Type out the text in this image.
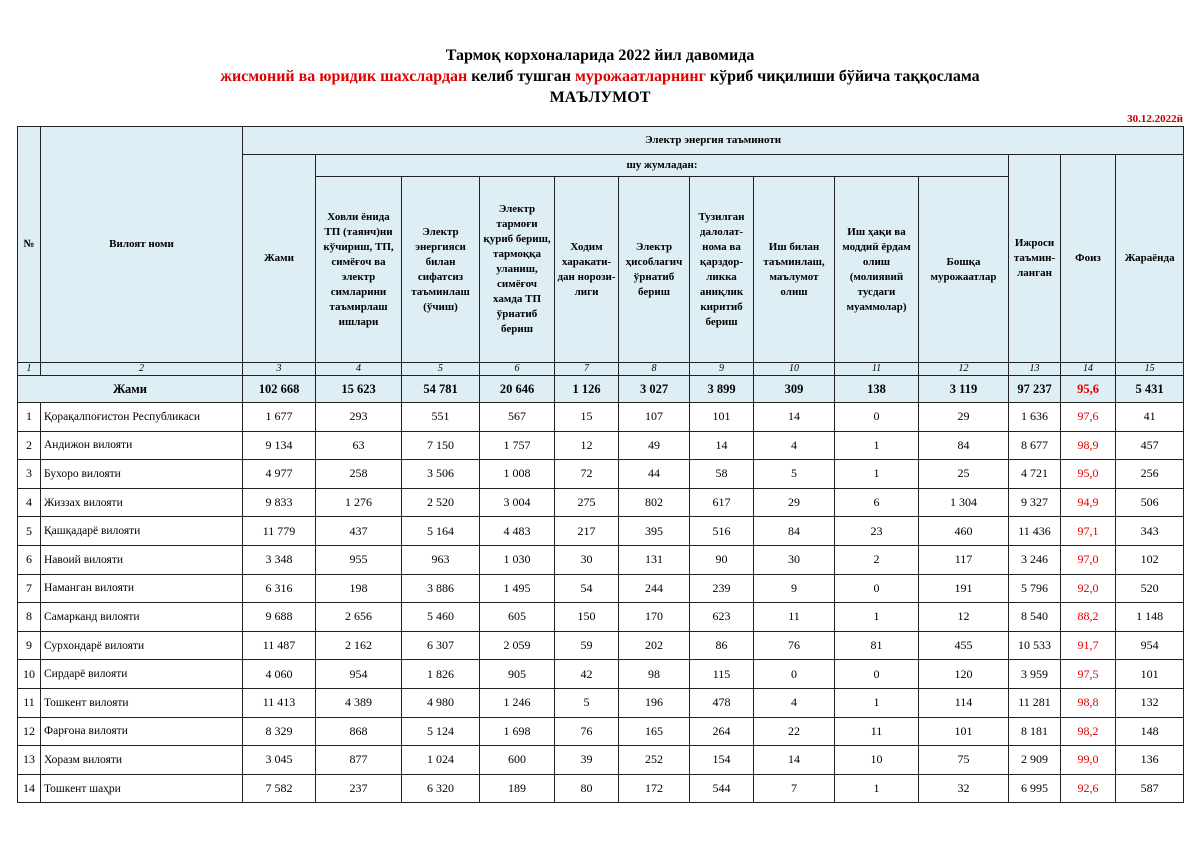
Тармоқ корхоналарида 2022 йил давомида
жисмоний ва юридик шахслардан келиб тушган мурожаатларнинг кўриб чиқилиши бўйича таққослама
МАЪЛУМОТ
30.12.2022й
№	Вилоят номи	Электр энергия таъминоти												
		Жами	шу жумладан:									Ижроси таъмин-ланган	Фоиз	Жараёнда
			Ховли ёнида ТП (таянч)ни кўчириш, ТП, симёғоч ва электр симларини таъмирлаш ишлари	Электр энергияси билан сифатсиз таъминлаш (ўчиш)	Электр тармоғи қуриб бериш, тармоққа уланиш, симёғоч хамда ТП ўрнатиб бериш	Ходим харакати-дан норози-лиги	Электр ҳисоблагич ўрнатиб бериш	Тузилган далолат-нома ва қарздор-ликка аниқлик киритиб бериш	Иш билан таъминлаш, маълумот олиш	Иш ҳақи ва моддий ёрдам олиш (молиявий тусдаги муаммолар)	Бошқа мурожаатлар			
1	2	3	4	5	6	7	8	9	10	11	12	13	14	15
Жами		102 668	15 623	54 781	20 646	1 126	3 027	3 899	309	138	3 119	97 237	95,6	5 431
1	Қорақалпоғистон Республикаси	1 677	293	551	567	15	107	101	14	0	29	1 636	97,6	41
2	Андижон вилояти	9 134	63	7 150	1 757	12	49	14	4	1	84	8 677	98,9	457
3	Бухоро вилояти	4 977	258	3 506	1 008	72	44	58	5	1	25	4 721	95,0	256
4	Жиззах вилояти	9 833	1 276	2 520	3 004	275	802	617	29	6	1 304	9 327	94,9	506
5	Қашқадарё вилояти	11 779	437	5 164	4 483	217	395	516	84	23	460	11 436	97,1	343
6	Навоий вилояти	3 348	955	963	1 030	30	131	90	30	2	117	3 246	97,0	102
7	Наманган вилояти	6 316	198	3 886	1 495	54	244	239	9	0	191	5 796	92,0	520
8	Самарканд вилояти	9 688	2 656	5 460	605	150	170	623	11	1	12	8 540	88,2	1 148
9	Сурхондарё вилояти	11 487	2 162	6 307	2 059	59	202	86	76	81	455	10 533	91,7	954
10	Сирдарё вилояти	4 060	954	1 826	905	42	98	115	0	0	120	3 959	97,5	101
11	Тошкент вилояти	11 413	4 389	4 980	1 246	5	196	478	4	1	114	11 281	98,8	132
12	Фарғона вилояти	8 329	868	5 124	1 698	76	165	264	22	11	101	8 181	98,2	148
13	Хоразм вилояти	3 045	877	1 024	600	39	252	154	14	10	75	2 909	99,0	136
14	Тошкент шаҳри	7 582	237	6 320	189	80	172	544	7	1	32	6 995	92,6	587
